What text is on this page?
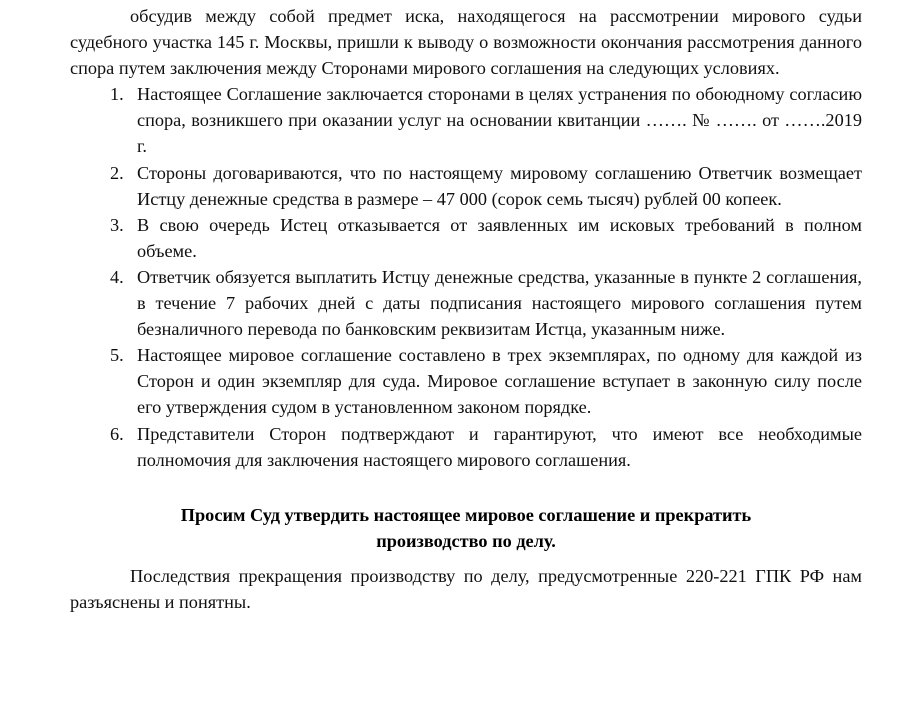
обсудив между собой предмет иска, находящегося на рассмотрении мирового судьи судебного участка 145 г. Москвы, пришли к выводу о возможности окончания рассмотрения данного спора путем заключения между Сторонами мирового соглашения на следующих условиях.

1. Настоящее Соглашение заключается сторонами в целях устранения по обоюдному согласию спора, возникшего при оказании услуг на основании квитанции ……. № ……. от …….2019 г.
2. Стороны договариваются, что по настоящему мировому соглашению Ответчик возмещает Истцу денежные средства в размере – 47 000 (сорок семь тысяч) рублей 00 копеек.
3. В свою очередь Истец отказывается от заявленных им исковых требований в полном объеме.
4. Ответчик обязуется выплатить Истцу денежные средства, указанные в пункте 2 соглашения, в течение 7 рабочих дней с даты подписания настоящего мирового соглашения путем безналичного перевода по банковским реквизитам Истца, указанным ниже.
5. Настоящее мировое соглашение составлено в трех экземплярах, по одному для каждой из Сторон и один экземпляр для суда. Мировое соглашение вступает в законную силу после его утверждения судом в установленном законом порядке.
6. Представители Сторон подтверждают и гарантируют, что имеют все необходимые полномочия для заключения настоящего мирового соглашения.

Просим Суд утвердить настоящее мировое соглашение и прекратить
производство по делу.

Последствия прекращения производству по делу, предусмотренные 220-221 ГПК РФ нам разъяснены и понятны.
